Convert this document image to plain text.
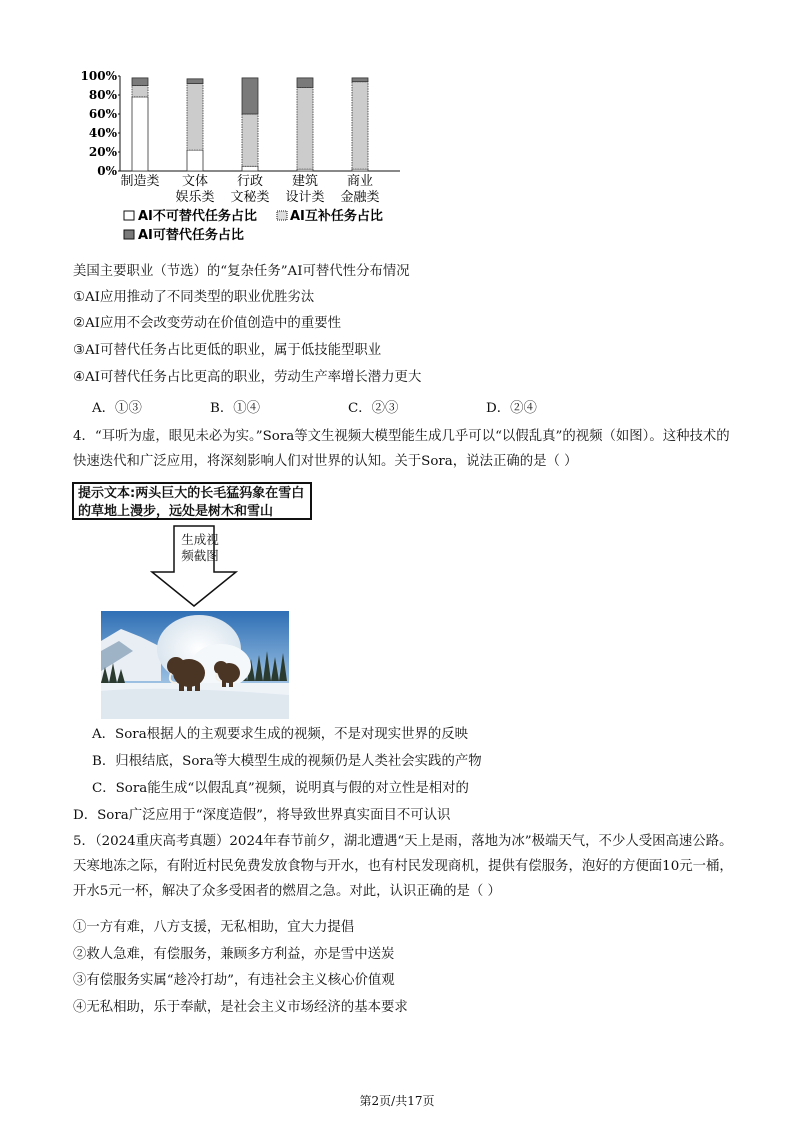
100%
80%
60%
40%
20%
0%
制造类 文体
娱乐类
行政
文秘类
建筑
设计类
商业
金融类
AI不可替代任务占比	AI互补任务占比
AI可替代任务占比
美国主要职业（节选）的“复杂任务”AI可替代性分布情况
①AI应用推动了不同类型的职业优胜劣汰
②AI应用不会改变劳动在价值创造中的重要性
③AI可替代任务占比更低的职业，属于低技能型职业
④AI可替代任务占比更高的职业，劳动生产率增长潜力更大
A．①③	B．①④	C．②③	D．②④
4．“耳听为虚，眼见未必为实。”Sora等文生视频大模型能生成几乎可以“以假乱真”的视频（如图）。这种技术的快速迭代和广泛应用，将深刻影响人们对世界的认知。关于Sora，说法正确的是（ ）
提示文本:两头巨大的长毛猛犸象在雪白的草地上漫步，远处是树木和雪山
生成视频截图
A．Sora根据人的主观要求生成的视频，不是对现实世界的反映
B．归根结底，Sora等大模型生成的视频仍是人类社会实践的产物
C．Sora能生成“以假乱真”视频，说明真与假的对立性是相对的
D．Sora广泛应用于“深度造假”，将导致世界真实面目不可认识
5．（2024重庆高考真题）2024年春节前夕，湖北遭遇“天上是雨，落地为冰”极端天气，不少人受困高速公路。天寒地冻之际，有附近村民免费发放食物与开水，也有村民发现商机，提供有偿服务，泡好的方便面10元一桶，开水5元一杯，解决了众多受困者的燃眉之急。对此，认识正确的是（ ）
①一方有难，八方支援，无私相助，宜大力提倡
②救人急难，有偿服务，兼顾多方利益，亦是雪中送炭
③有偿服务实属“趁冷打劫”，有违社会主义核心价值观
④无私相助，乐于奉献，是社会主义市场经济的基本要求
第2页/共17页
